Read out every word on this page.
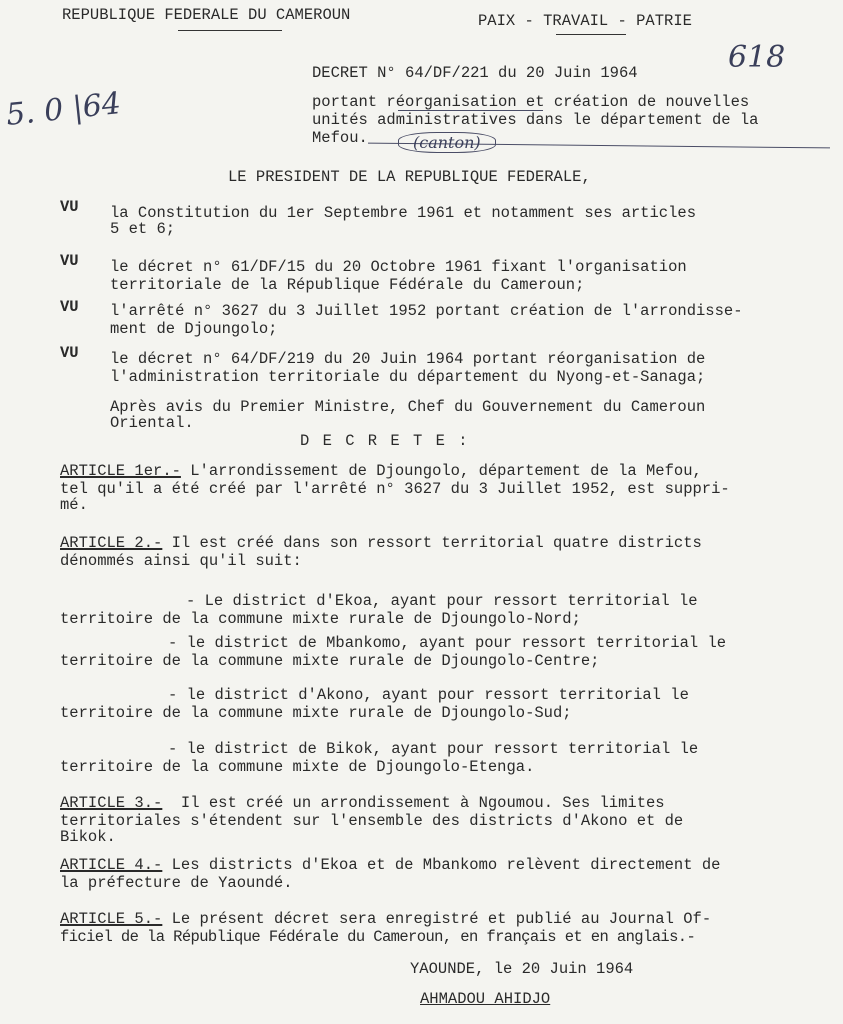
REPUBLIQUE FEDERALE DU CAMEROUN	PAIX - TRAVAIL - PATRIE
618
5. 0 |64
DECRET N° 64/DF/221 du 20 Juin 1964
portant réorganisation et création de nouvelles
unités administratives dans le département de la
Mefou.	(canton)
LE PRESIDENT DE LA REPUBLIQUE FEDERALE,
VU la Constitution du 1er Septembre 1961 et notamment ses articles
5 et 6;
VU le décret n° 61/DF/15 du 20 Octobre 1961 fixant l'organisation
territoriale de la République Fédérale du Cameroun;
VU l'arrêté n° 3627 du 3 Juillet 1952 portant création de l'arrondisse-
ment de Djoungolo;
VU le décret n° 64/DF/219 du 20 Juin 1964 portant réorganisation de
l'administration territoriale du département du Nyong-et-Sanaga;
Après avis du Premier Ministre, Chef du Gouvernement du Cameroun
Oriental.
D E C R E T E :
ARTICLE 1er.- L'arrondissement de Djoungolo, département de la Mefou,
tel qu'il a été créé par l'arrêté n° 3627 du 3 Juillet 1952, est suppri-
mé.
ARTICLE 2.- Il est créé dans son ressort territorial quatre districts
dénommés ainsi qu'il suit:
- Le district d'Ekoa, ayant pour ressort territorial le
territoire de la commune mixte rurale de Djoungolo-Nord;
- le district de Mbankomo, ayant pour ressort territorial le
territoire de la commune mixte rurale de Djoungolo-Centre;
- le district d'Akono, ayant pour ressort territorial le
territoire de la commune mixte rurale de Djoungolo-Sud;
- le district de Bikok, ayant pour ressort territorial le
territoire de la commune mixte de Djoungolo-Etenga.
ARTICLE 3.-  Il est créé un arrondissement à Ngoumou. Ses limites
territoriales s'étendent sur l'ensemble des districts d'Akono et de
Bikok.
ARTICLE 4.- Les districts d'Ekoa et de Mbankomo relèvent directement de
la préfecture de Yaoundé.
ARTICLE 5.- Le présent décret sera enregistré et publié au Journal Of-
ficiel de la République Fédérale du Cameroun, en français et en anglais.-
YAOUNDE, le 20 Juin 1964
AHMADOU AHIDJO
